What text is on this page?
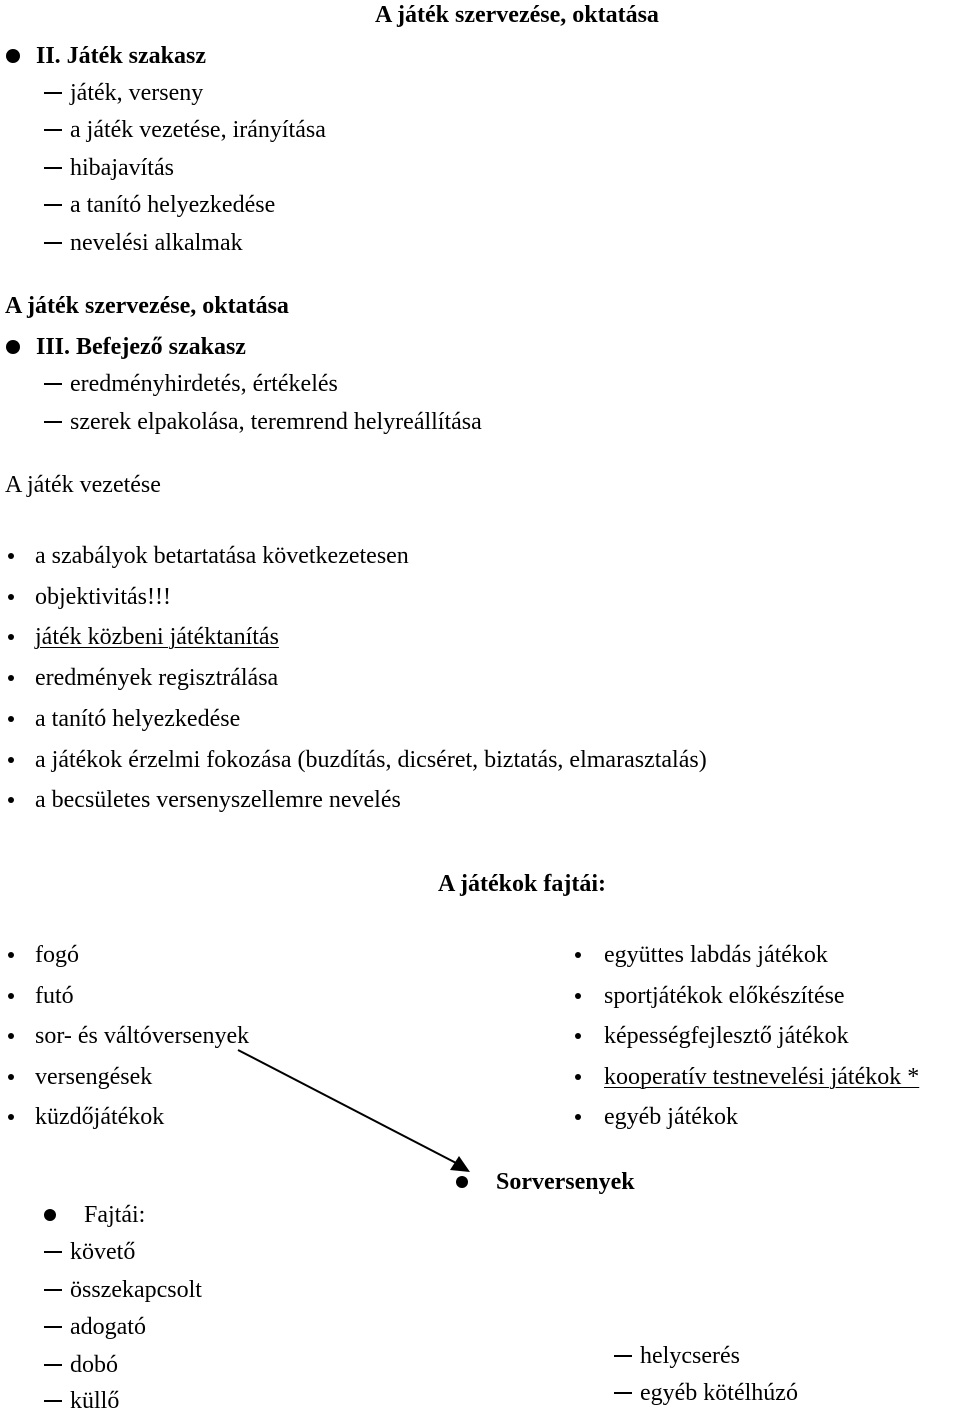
A játék szervezése, oktatása
II. Játék szakasz
játék, verseny
a játék vezetése, irányítása
hibajavítás
a tanító helyezkedése
nevelési alkalmak
A játék szervezése, oktatása
III. Befejező szakasz
eredményhirdetés, értékelés
szerek elpakolása, teremrend helyreállítása
A játék vezetése
a szabályok betartatása következetesen
objektivitás!!!
játék közbeni játéktanítás
eredmények regisztrálása
a tanító helyezkedése
a játékok érzelmi fokozása (buzdítás, dicséret, biztatás, elmarasztalás)
a becsületes versenyszellemre nevelés
A játékok fajtái:
fogó
futó
sor- és váltóversenyek
versengések
küzdőjátékok
együttes labdás játékok
sportjátékok előkészítése
képességfejlesztő játékok
kooperatív testnevelési játékok *
egyéb játékok
Sorversenyek
Fajtái:
követő
összekapcsolt
adogató
dobó
küllő
helycserés
egyéb kötélhúzó
